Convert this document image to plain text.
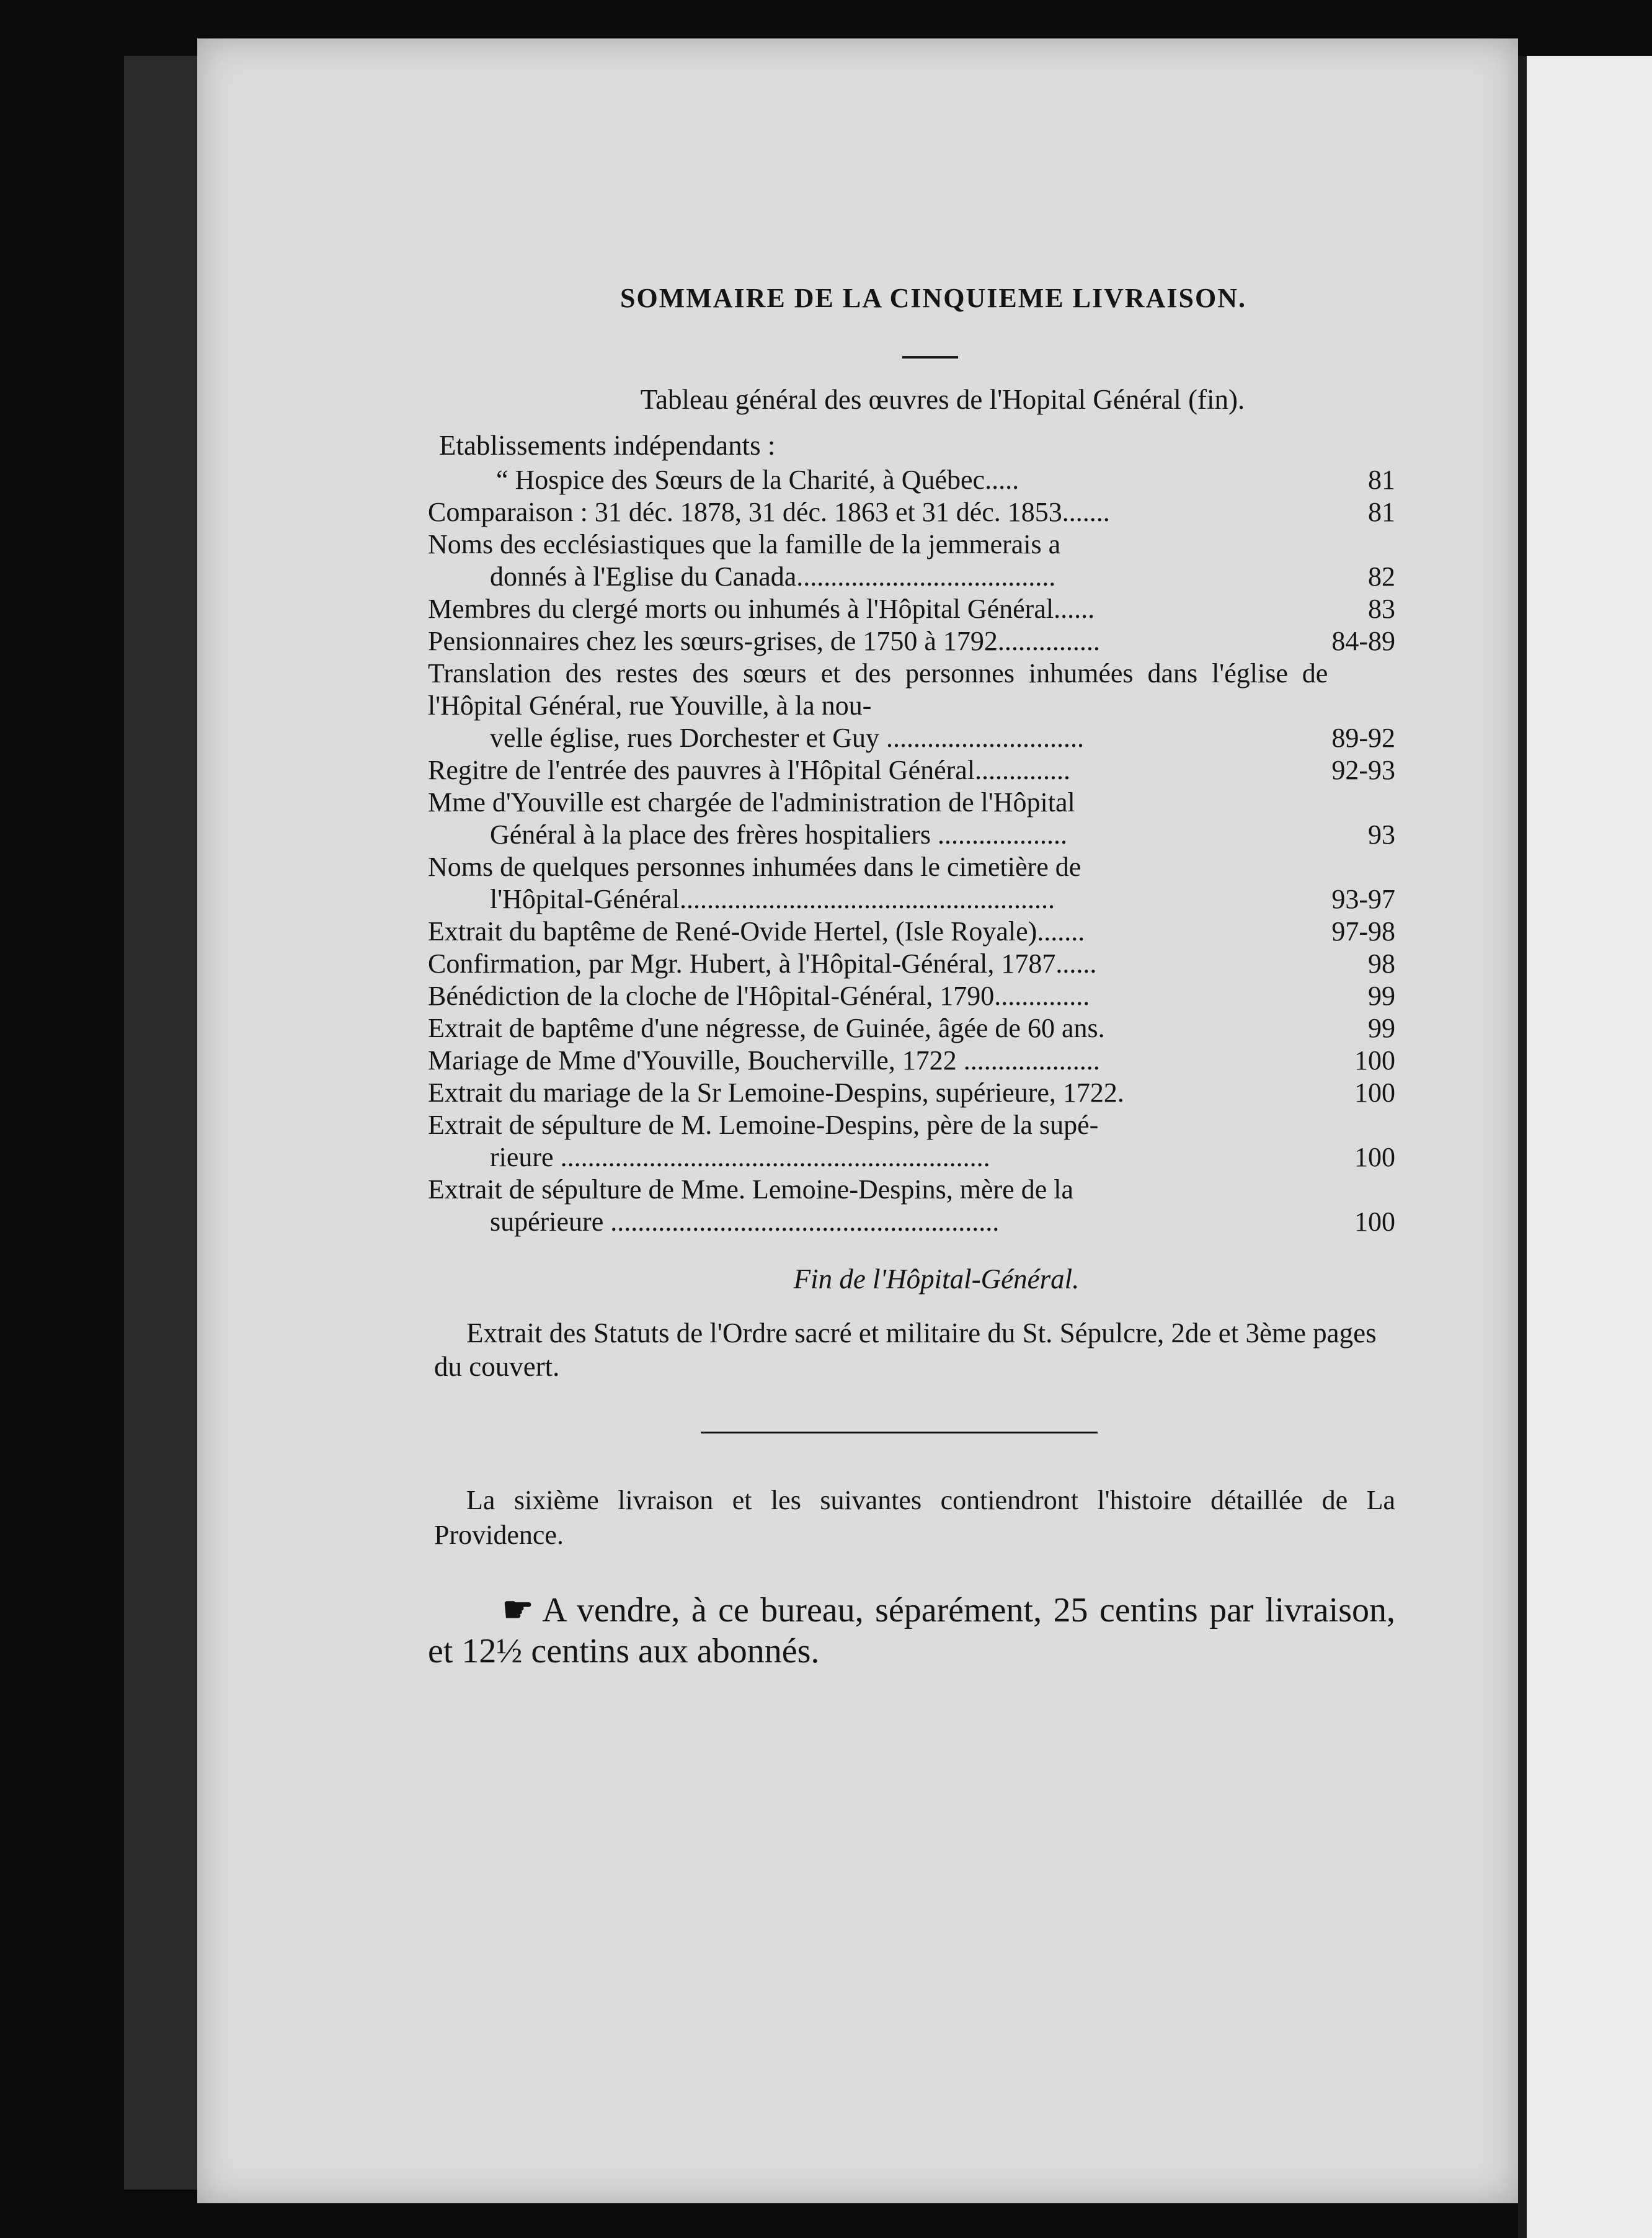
SOMMAIRE DE LA CINQUIEME LIVRAISON.
Tableau général des œuvres de l'Hopital Général (fin).
Etablissements indépendants :
“ Hospice des Sœurs de la Charité, à Québec.....	81
Comparaison : 31 déc. 1878, 31 déc. 1863 et 31 déc. 1853.......	81
Noms des ecclésiastiques que la famille de la jemmerais a
donnés à l'Eglise du Canada......................................	82
Membres du clergé morts ou inhumés à l'Hôpital Général......	83
Pensionnaires chez les sœurs-grises, de 1750 à 1792...............	84-89
Translation des restes des sœurs et des personnes inhumées dans l'église de l'Hôpital Général, rue Youville, à la nou-
velle église, rues Dorchester et Guy .............................	89-92
Regitre de l'entrée des pauvres à l'Hôpital Général..............	92-93
Mme d'Youville est chargée de l'administration de l'Hôpital
Général à la place des frères hospitaliers ...................	93
Noms de quelques personnes inhumées dans le cimetière de
l'Hôpital-Général.......................................................	93-97
Extrait du baptême de René-Ovide Hertel, (Isle Royale).......	97-98
Confirmation, par Mgr. Hubert, à l'Hôpital-Général, 1787......	98
Bénédiction de la cloche de l'Hôpital-Général, 1790..............	99
Extrait de baptême d'une négresse, de Guinée, âgée de 60 ans.	99
Mariage de Mme d'Youville, Boucherville, 1722 ....................	100
Extrait du mariage de la Sr Lemoine-Despins, supérieure, 1722.	100
Extrait de sépulture de M. Lemoine-Despins, père de la supé-
rieure ...............................................................	100
Extrait de sépulture de Mme. Lemoine-Despins, mère de la
supérieure .........................................................	100
Fin de l'Hôpital-Général.
Extrait des Statuts de l'Ordre sacré et militaire du St. Sépulcre, 2de et 3ème pages du couvert.
La sixième livraison et les suivantes contiendront l'histoire détaillée de La Providence.
☛ A vendre, à ce bureau, séparément, 25 centins par livraison, et 12½ centins aux abonnés.
